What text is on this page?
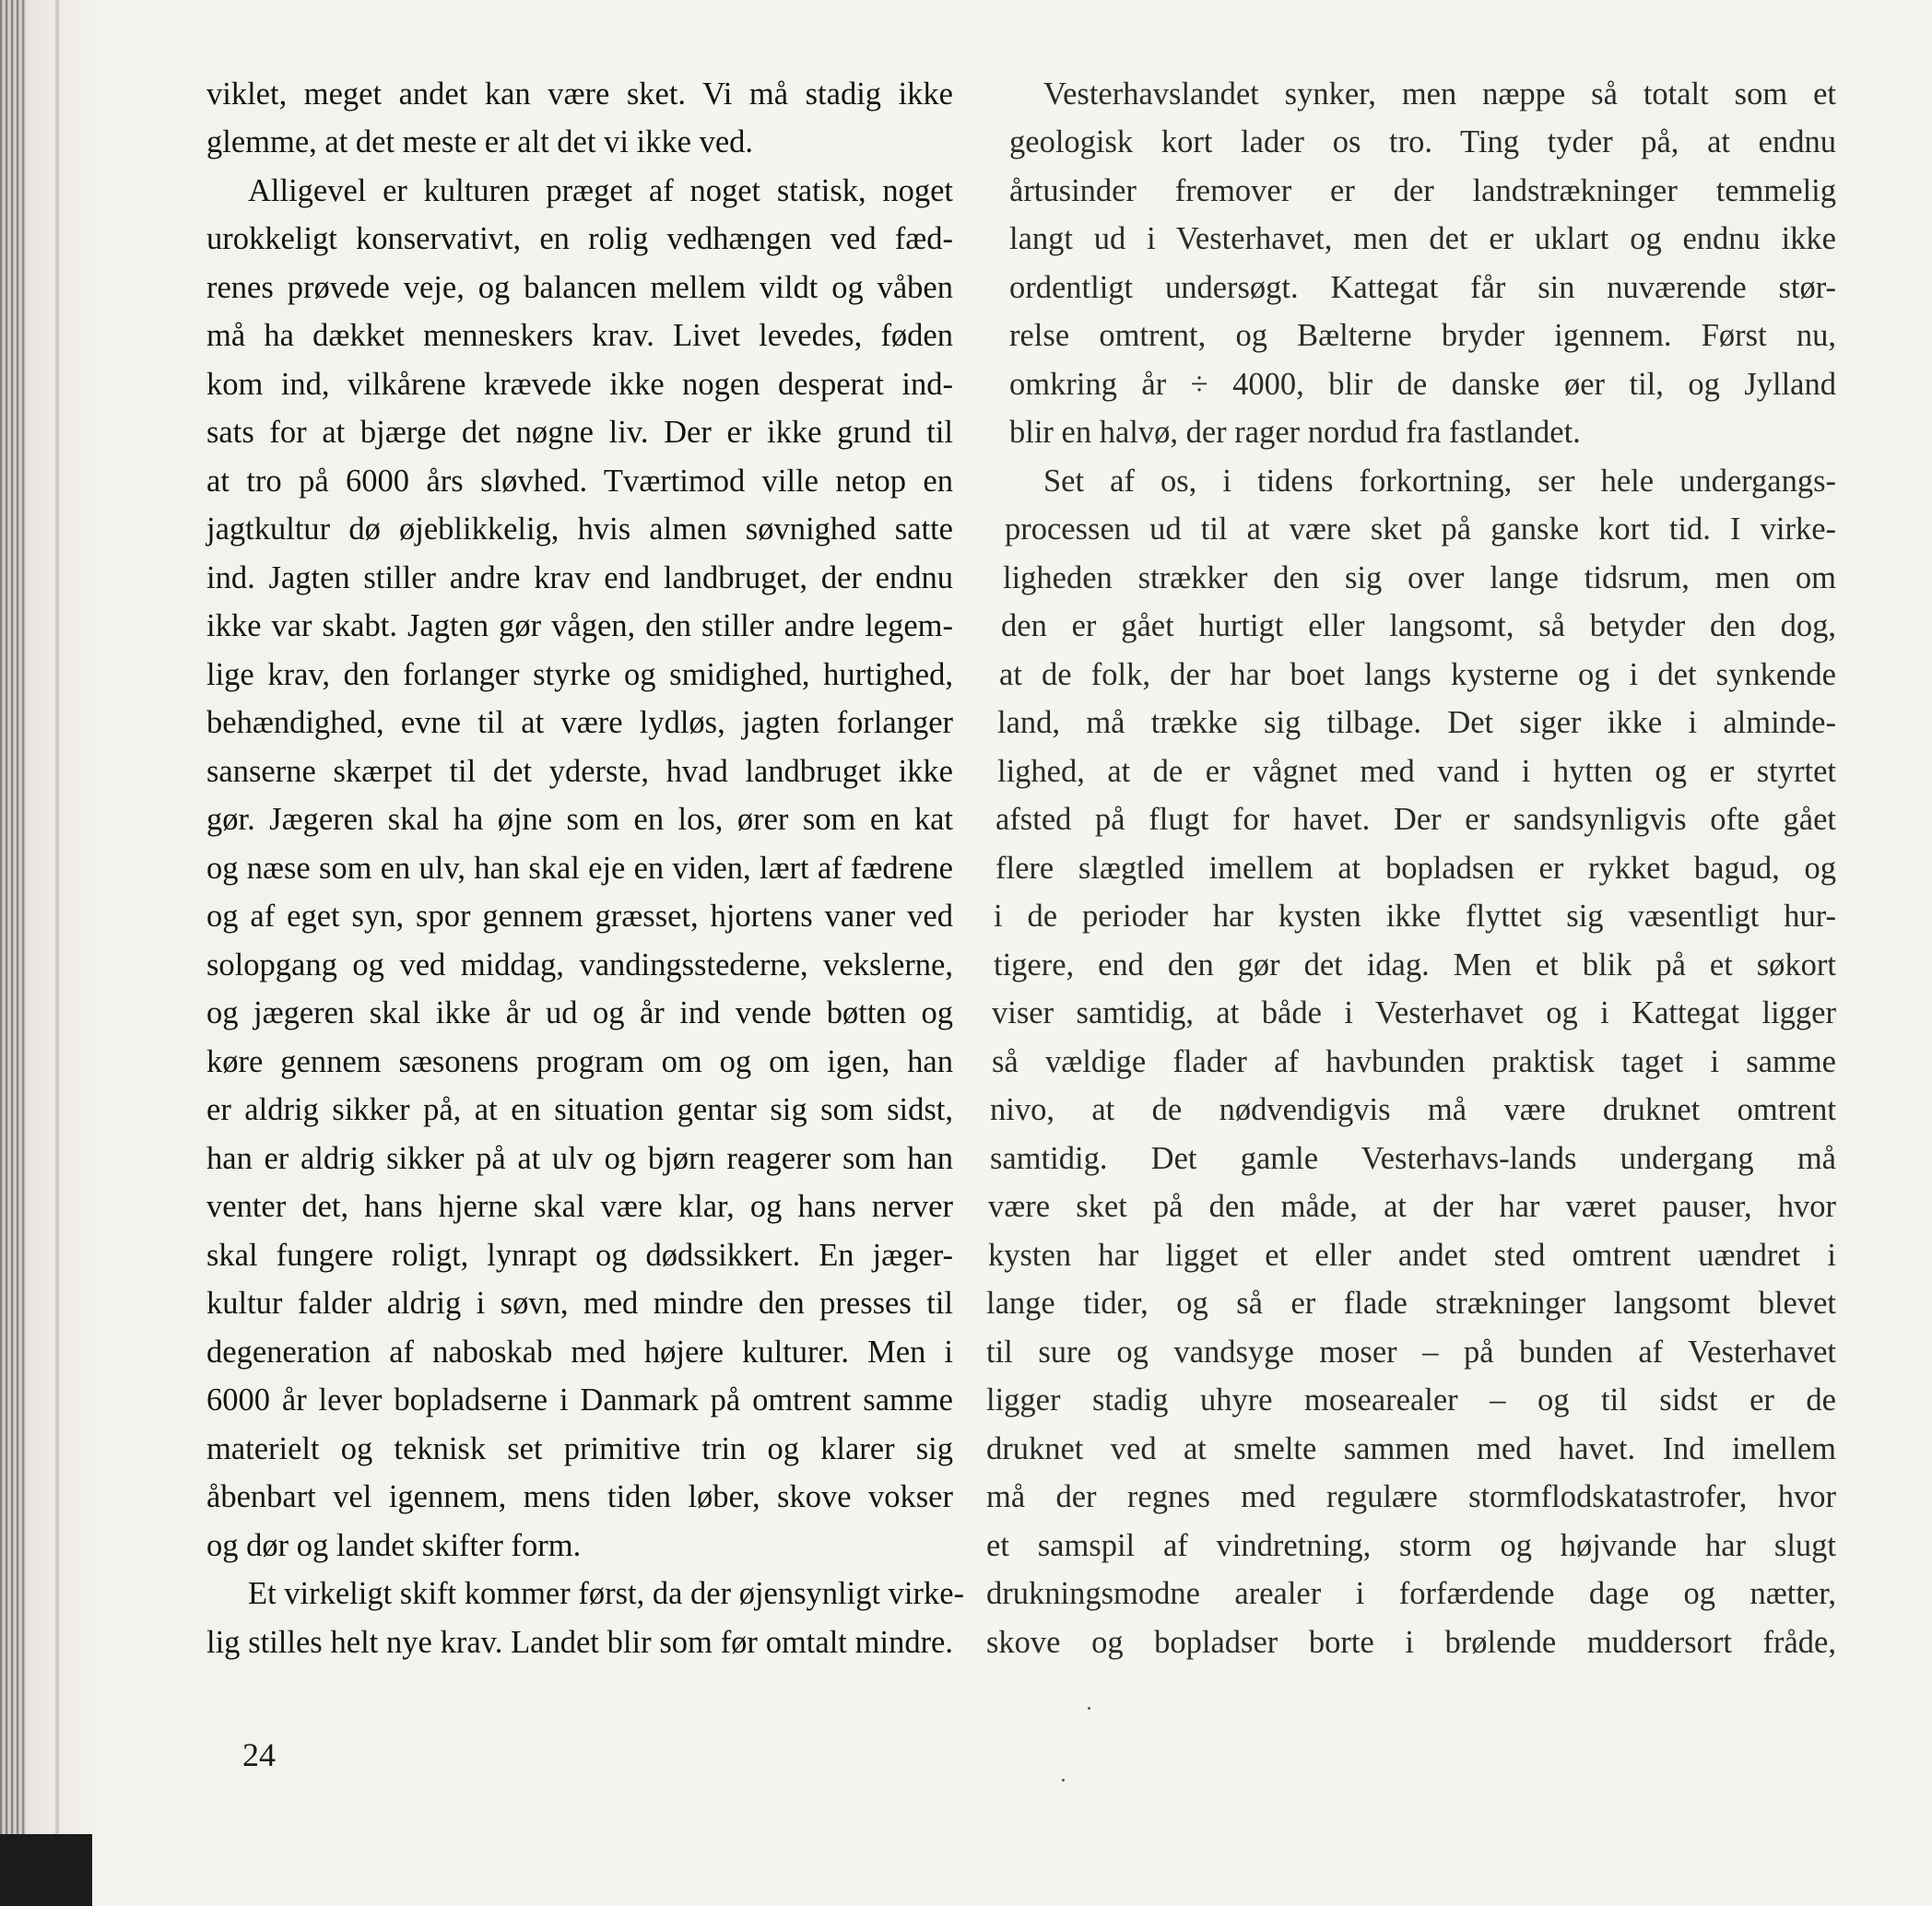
viklet, meget andet kan være sket. Vi må stadig ikke
glemme, at det meste er alt det vi ikke ved.
Alligevel er kulturen præget af noget statisk, noget
urokkeligt konservativt, en rolig vedhængen ved fæd-
renes prøvede veje, og balancen mellem vildt og våben
må ha dækket menneskers krav. Livet levedes, føden
kom ind, vilkårene krævede ikke nogen desperat ind-
sats for at bjærge det nøgne liv. Der er ikke grund til
at tro på 6000 års sløvhed. Tværtimod ville netop en
jagtkultur dø øjeblikkelig, hvis almen søvnighed satte
ind. Jagten stiller andre krav end landbruget, der endnu
ikke var skabt. Jagten gør vågen, den stiller andre legem-
lige krav, den forlanger styrke og smidighed, hurtighed,
behændighed, evne til at være lydløs, jagten forlanger
sanserne skærpet til det yderste, hvad landbruget ikke
gør. Jægeren skal ha øjne som en los, ører som en kat
og næse som en ulv, han skal eje en viden, lært af fædrene
og af eget syn, spor gennem græsset, hjortens vaner ved
solopgang og ved middag, vandingsstederne, vekslerne,
og jægeren skal ikke år ud og år ind vende bøtten og
køre gennem sæsonens program om og om igen, han
er aldrig sikker på, at en situation gentar sig som sidst,
han er aldrig sikker på at ulv og bjørn reagerer som han
venter det, hans hjerne skal være klar, og hans nerver
skal fungere roligt, lynrapt og dødssikkert. En jæger-
kultur falder aldrig i søvn, med mindre den presses til
degeneration af naboskab med højere kulturer. Men i
6000 år lever bopladserne i Danmark på omtrent samme
materielt og teknisk set primitive trin og klarer sig
åbenbart vel igennem, mens tiden løber, skove vokser
og dør og landet skifter form.
Et virkeligt skift kommer først, da der øjensynligt virke-
lig stilles helt nye krav. Landet blir som før omtalt mindre.
Vesterhavslandet synker, men næppe så totalt som et
geologisk kort lader os tro. Ting tyder på, at endnu
årtusinder fremover er der landstrækninger temmelig
langt ud i Vesterhavet, men det er uklart og endnu ikke
ordentligt undersøgt. Kattegat får sin nuværende stør-
relse omtrent, og Bælterne bryder igennem. Først nu,
omkring år ÷ 4000, blir de danske øer til, og Jylland
blir en halvø, der rager nordud fra fastlandet.
Set af os, i tidens forkortning, ser hele undergangs-
processen ud til at være sket på ganske kort tid. I virke-
ligheden strækker den sig over lange tidsrum, men om
den er gået hurtigt eller langsomt, så betyder den dog,
at de folk, der har boet langs kysterne og i det synkende
land, må trække sig tilbage. Det siger ikke i alminde-
lighed, at de er vågnet med vand i hytten og er styrtet
afsted på flugt for havet. Der er sandsynligvis ofte gået
flere slægtled imellem at bopladsen er rykket bagud, og
i de perioder har kysten ikke flyttet sig væsentligt hur-
tigere, end den gør det idag. Men et blik på et søkort
viser samtidig, at både i Vesterhavet og i Kattegat ligger
så vældige flader af havbunden praktisk taget i samme
nivo, at de nødvendigvis må være druknet omtrent
samtidig. Det gamle Vesterhavs-lands undergang må
være sket på den måde, at der har været pauser, hvor
kysten har ligget et eller andet sted omtrent uændret i
lange tider, og så er flade strækninger langsomt blevet
til sure og vandsyge moser – på bunden af Vesterhavet
ligger stadig uhyre mosearealer – og til sidst er de
druknet ved at smelte sammen med havet. Ind imellem
må der regnes med regulære stormflodskatastrofer, hvor
et samspil af vindretning, storm og højvande har slugt
drukningsmodne arealer i forfærdende dage og nætter,
skove og bopladser borte i brølende muddersort fråde,
24
